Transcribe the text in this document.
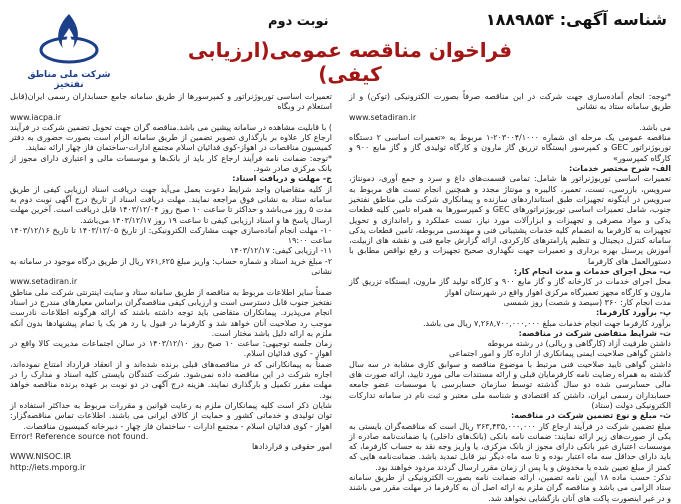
شرکت ملی مناطق نفتخیز
نوبت دوم	شناسه آگهی: ۱۸۸۹۸۵۴
فراخوان مناقصه عمومی(ارزیابی کیفی)

*توجه: انجام آماده‌سازی جهت شرکت در این مناقصه صرفاً بصورت الکترونیکی (توکن) و از طریق سامانه ستاد به نشانی

www.setadiran.ir

می باشد.

مناقصه عمومی یک مرحله ای شماره ۲۰۳۰۰۴/۱۰۰۰-۱ مربوط به «تعمیرات اساسی ۲ دستگاه توربوژنراتور GEC و کمپرسور ایستگاه تزریق گاز مارون و کارگاه تولیدی گاز و گاز مایع ۹۰۰ و کارگاه کمپرسور»

الف- شرح مختصر خدمات:

تعمیرات اساسی توربوژنراتور ها شامل: تمامی قسمت‌های داغ و سرد و جمع آوری، دمونتاژ، سرویس، بازرسی، تست، تعمیر، کالیبره و مونتاژ مجدد و همچنین انجام تست های مربوط به سرویس در اینگونه تجهیزات طبق استانداردهای سازنده و پیمانکاری شرکت ملی مناطق نفتخیز جنوب، شامل تعمیرات اساسی توربوژنراتورهای GEC و کمپرسورها به همراه تامین کلیه قطعات یدکی و مواد مصرفی و تجهیزات و ابزارآلات مورد نیاز، تست عملکرد و راه‌اندازی و تحویل تجهیزات به کارفرما به انضمام کلیه خدمات پشتیبانی فنی و مهندسی مربوطه، تامین قطعات یدکی سامانه کنترل دیجیتال و تنظیم پارامترهای کارکردی، ارائه گزارش جامع فنی و نقشه های ازبیلت، آموزش پرسنل بهره برداری و تعمیرات جهت نگهداری صحیح تجهیزات و رفع نواقص مطابق با دستورالعمل های کارفرما

ب- محل اجرای خدمات و مدت انجام کار:

محل اجرای خدمات در کارخانه گاز و گاز مایع ۹۰۰ و کارگاه تولید گاز مارون، ایستگاه تزریق گاز مارون و کارگاه مجهز تعمیرگاه مرکزی اهواز واقع در شهرستان اهواز

مدت انجام کار: ۳۶۰ (سیصد و شصت) روز شمسی

پ- برآورد کارفرما:

برآورد کارفرما جهت انجام خدمات مبلغ ۷,۲۶۸,۷۰۰,۰۰۰,۰۰۰ ریال می باشد.

ت- شرایط متقاضی شرکت در مناقصه:

داشتن ظرفیت آزاد (کارگاهی و ریالی) در رشته مربوطه

داشتن گواهی صلاحیت ایمنی پیمانکاری از اداره کار و امور اجتماعی

داشتن گواهی تایید صلاحیت فنی مرتبط با موضوع مناقصه و سوابق کاری مشابه در سه سال گذشته به همراه رضایت نامه کارفرمایان قبلی و ارائه مستندات مالی مورد تایید، ارائه صورت های مالی حسابرسی شده دو سال گذشته توسط سازمان حسابرسی یا موسسات عضو جامعه حسابداران رسمی ایران، داشتن کد اقتصادی و شناسه ملی معتبر و ثبت نام در سامانه تدارکات الکترونیکی دولت (ستاد)

ث- مبلغ و نوع تضمین شرکت در مناقصه:

مبلغ تضمین شرکت در فرآیند ارجاع کار ۳۶۳,۴۳۵,۰۰۰,۰۰۰ ریال است که مناقصه‌گران بایستی به یکی از صورت‌های زیر ارائه نمایند: ضمانت نامه بانکی (بانک‌های داخلی) یا ضمانت‌نامه صادره از موسسات اعتباری غیر بانکی دارای مجوز از بانک مرکزی، یا واریز وجه نقد به حساب کارفرما، که باید دارای حداقل سه ماه اعتبار بوده و تا سه ماه دیگر نیز قابل تمدید باشد. ضمانت‌نامه هایی که کمتر از مبلغ تعیین شده یا مخدوش و یا پس از زمان مقرر ارسال گردند مردود خواهند بود.

تذکر: حسب ماده ۱۸ آیین نامه تضمین، ارائه ضمانت نامه بصورت الکترونیکی از طریق سامانه ستاد الزامی می باشد و مناقصه گران ملزم به ارائه اصل آن به کارفرما در مهلت مقرر می باشند و در غیر اینصورت پاکت های آنان بازگشایی نخواهد شد.

تعمیرات اساسی توربوژنراتور و کمپرسورها از طریق سامانه جامع حسابداران رسمی ایران(قابل استعلام در وبگاه

www.iacpa.ir

) با قابلیت مشاهده در سامانه پیشین می باشد.مناقصه گران جهت تحویل تضمین شرکت در فرآیند ارجاع کار علاوه بر بارگذاری تصویر تضمین از طریق سامانه الزام است بصورت حضوری به دفتر کمیسیون مناقصات در اهواز-کوی فدائیان اسلام مجتمع ادارات-ساختمان فاز چهار ارائه نمایند.

*توجه: ضمانت نامه فرآیند ارجاع کار باید از بانک‌ها و موسسات مالی و اعتباری دارای مجوز از بانک مرکزی صادر شود.

ج- مهلت و دریافت اسناد:

از کلیه متقاضیان واجد شرایط دعوت بعمل می‌آید جهت دریافت اسناد ارزیابی کیفی از طریق سامانه ستاد به نشانی فوق مراجعه نمایند. مهلت دریافت اسناد از تاریخ درج آگهی نوبت دوم به مدت ۵ روز می‌باشد و حداکثر تا ساعت ۱۰ صبح روز ۱۴۰۳/۱۲/۰۴ قابل دریافت است. آخرین مهلت ارسال پاسخ ها و اسناد ارزیابی کیفی تا ساعت ۱۹ روز ۱۴۰۳/۱۲/۱۷ می‌باشد.

۱۰- مهلت انجام آماده‌سازی جهت مشارکت الکترونیکی: از تاریخ ۱۴۰۳/۱۲/۰۵ تا تاریخ ۱۴۰۳/۱۲/۱۶ ساعت ۱۹:۰۰

۱۱- ارزیابی کیفی: ۱۴۰۳/۱۲/۱۷

۲- مبلغ خرید اسناد و شماره حساب: واریز مبلغ ۷۶۱,۶۲۵ ریال از طریق درگاه موجود در سامانه به نشانی

www.setadiran.ir

ضمناً سایر اطلاعات مربوط به مناقصه از طریق سامانه ستاد و سایت اینترنتی شرکت ملی مناطق نفتخیز جنوب قابل دسترسی است و ارزیابی کیفی مناقصه‌گران براساس معیارهای مندرج در اسناد انجام می‌پذیرد. پیمانکاران متقاضی باید توجه داشته باشند که ارائه هرگونه اطلاعات نادرست موجب رد صلاحیت آنان خواهد شد و کارفرما در قبول یا رد هر یک یا تمام پیشنهادها بدون آنکه ملزم به ارائه دلیل باشد مختار است.

زمان جلسه توجیهی: ساعت ۱۰ صبح روز ۱۴۰۳/۱۲/۱۰ در سالن اجتماعات مدیریت کالا واقع در اهواز - کوی فدائیان اسلام.

ضمناً به پیمانکارانی که در مناقصه‌های قبلی برنده شده‌اند و از انعقاد قرارداد امتناع نموده‌اند، اجازه شرکت در این مناقصه داده نمی‌شود. شرکت کنندگان بایستی کلیه اسناد و مدارک را در مهلت مقرر تکمیل و بارگذاری نمایند. هزینه درج آگهی در دو نوبت بر عهده برنده مناقصه خواهد بود.

شایان ذکر است کلیه پیمانکاران ملزم به رعایت قوانین و مقررات مربوط به حداکثر استفاده از توان تولیدی و خدماتی کشور و حمایت از کالای ایرانی می باشند. اطلاعات تماس مناقصه‌گزار: اهواز - کوی فدائیان اسلام - مجتمع ادارات - ساختمان فاز چهار - دبیرخانه کمیسیون مناقصات.

Error! Reference source not found.

امور حقوقی و قراردادها

WWW.NISOC.IR

http://iets.mporg.ir
